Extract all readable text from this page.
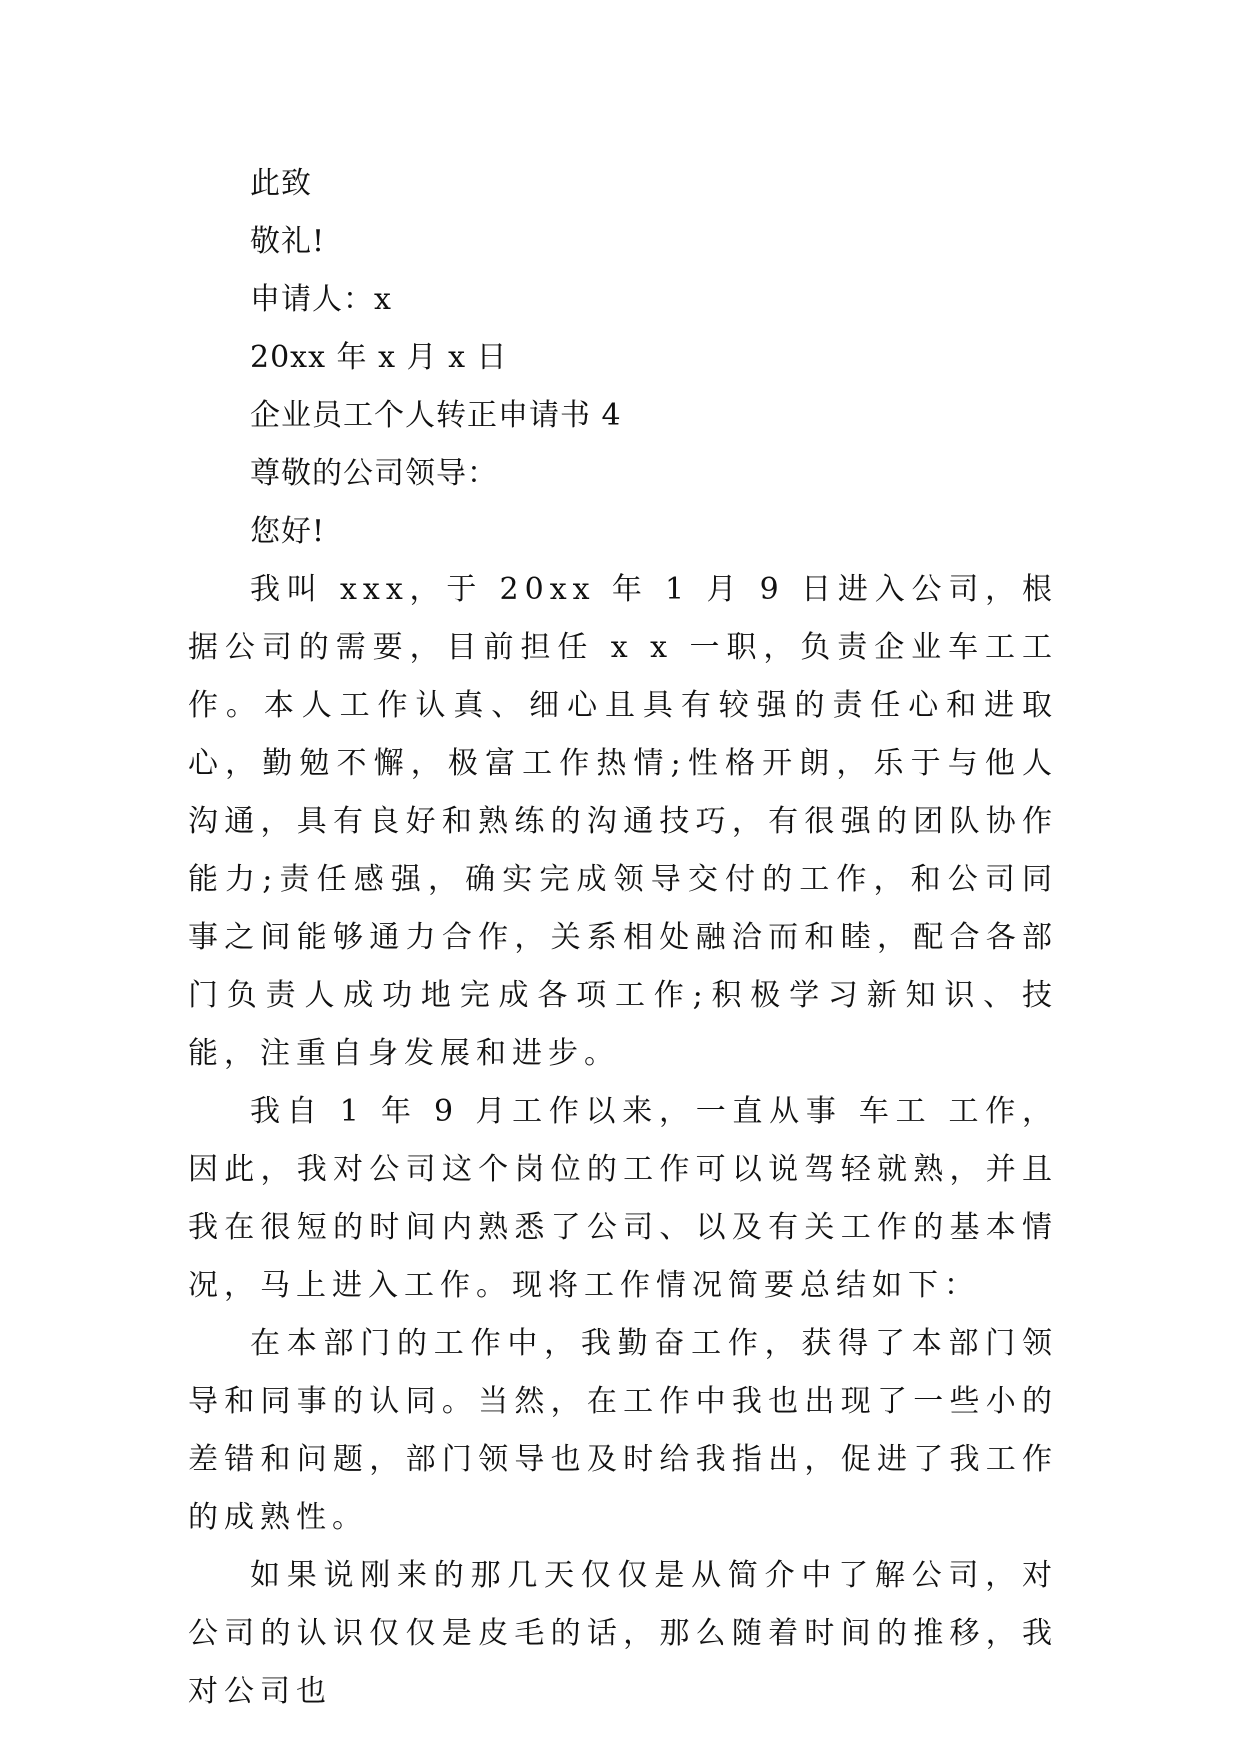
此致
敬礼!
申请人：x
20xx 年 x 月 x 日
企业员工个人转正申请书 4
尊敬的公司领导：
您好!

我叫 xxx，于 20xx 年 1 月 9 日进入公司，根据公司的需要，目前担任 x x 一职，负责企业车工工作。本人工作认真、细心且具有较强的责任心和进取心，勤勉不懈，极富工作热情;性格开朗，乐于与他人沟通，具有良好和熟练的沟通技巧，有很强的团队协作能力;责任感强，确实完成领导交付的工作，和公司同事之间能够通力合作，关系相处融洽而和睦，配合各部门负责人成功地完成各项工作;积极学习新知识、技能，注重自身发展和进步。

我自 1 年 9 月工作以来，一直从事 车工 工作，因此，我对公司这个岗位的工作可以说驾轻就熟，并且我在很短的时间内熟悉了公司、以及有关工作的基本情况，马上进入工作。现将工作情况简要总结如下：

在本部门的工作中，我勤奋工作，获得了本部门领导和同事的认同。当然，在工作中我也出现了一些小的差错和问题，部门领导也及时给我指出，促进了我工作的成熟性。

如果说刚来的那几天仅仅是从简介中了解公司，对公司的认识仅仅是皮毛的话，那么随着时间的推移，我对公司也
